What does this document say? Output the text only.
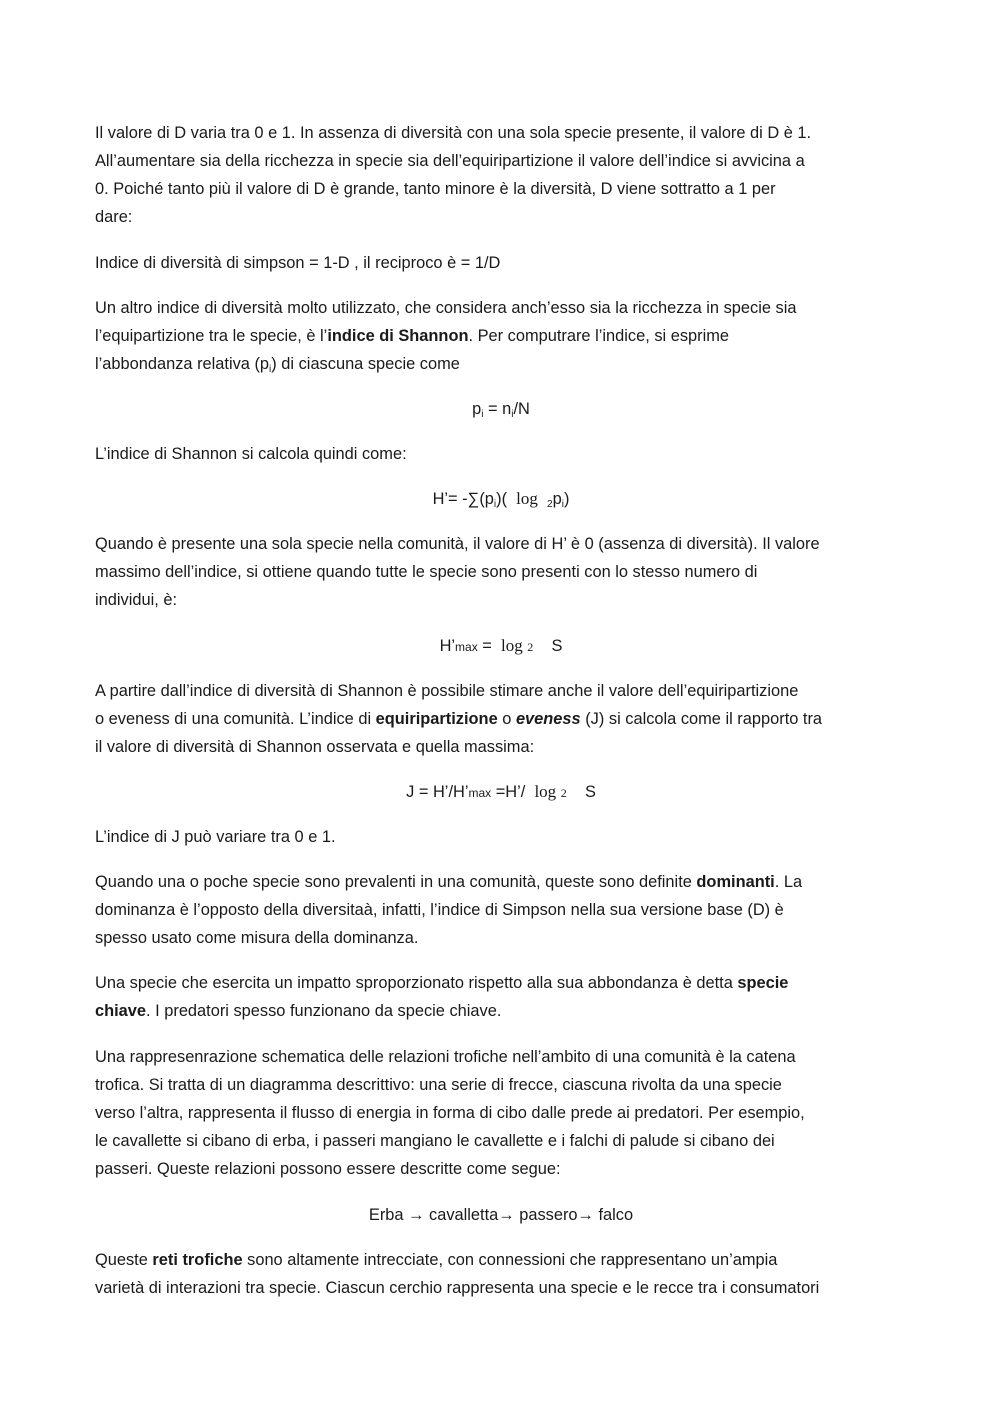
Il valore di D varia tra 0 e 1. In assenza di diversità con una sola specie presente, il valore di D è 1.

All’aumentare sia della ricchezza in specie sia dell’equiripartizione il valore dell’indice si avvicina a

0. Poiché tanto più il valore di D è grande, tanto minore è la diversità, D viene sottratto a 1 per

dare:

Indice di diversità di simpson = 1-D , il reciproco è = 1/D

Un altro indice di diversità molto utilizzato, che considera anch’esso sia la ricchezza in specie sia

l’equipartizione tra le specie, è l’indice di Shannon. Per computrare l’indice, si esprime

l’abbondanza relativa $(p_i)$ di ciascuna specie come

$p_i = n_i/N$

L’indice di Shannon si calcola quindi come:

H’= $-\sum(p_i)$( $\log _2p_i$)

Quando è presente una sola specie nella comunità, il valore di H’ è 0 (assenza di diversità). Il valore

massimo dell’indice, si ottiene quando tutte le specie sono presenti con lo stesso numero di

individui, è:

H’max =  log 2 S

A partire dall’indice di diversità di Shannon è possibile stimare anche il valore dell’equiripartizione

o eveness di una comunità. L’indice di equiripartizione o eveness (J) si calcola come il rapporto tra

il valore di diversità di Shannon osservata e quella massima:

J = H’/H’max =H’/ log 2 S

L’indice di J può variare tra 0 e 1.

Quando una o poche specie sono prevalenti in una comunità, queste sono definite dominanti. La

dominanza è l’opposto della diversitaà, infatti, l’indice di Simpson nella sua versione base (D) è

spesso usato come misura della dominanza.

Una specie che esercita un impatto sproporzionato rispetto alla sua abbondanza è detta specie

chiave. I predatori spesso funzionano da specie chiave.

Una rappresenrazione schematica delle relazioni trofiche nell’ambito di una comunità è la catena

trofica. Si tratta di un diagramma descrittivo: una serie di frecce, ciascuna rivolta da una specie

verso l’altra, rappresenta il flusso di energia in forma di cibo dalle prede ai predatori. Per esempio,

le cavallette si cibano di erba, i passeri mangiano le cavallette e i falchi di palude si cibano dei

passeri. Queste relazioni possono essere descritte come segue:

Erba → cavalletta→ passero→ falco

Queste reti trofiche sono altamente intrecciate, con connessioni che rappresentano un’ampia

varietà di interazioni tra specie. Ciascun cerchio rappresenta una specie e le recce tra i consumatori
